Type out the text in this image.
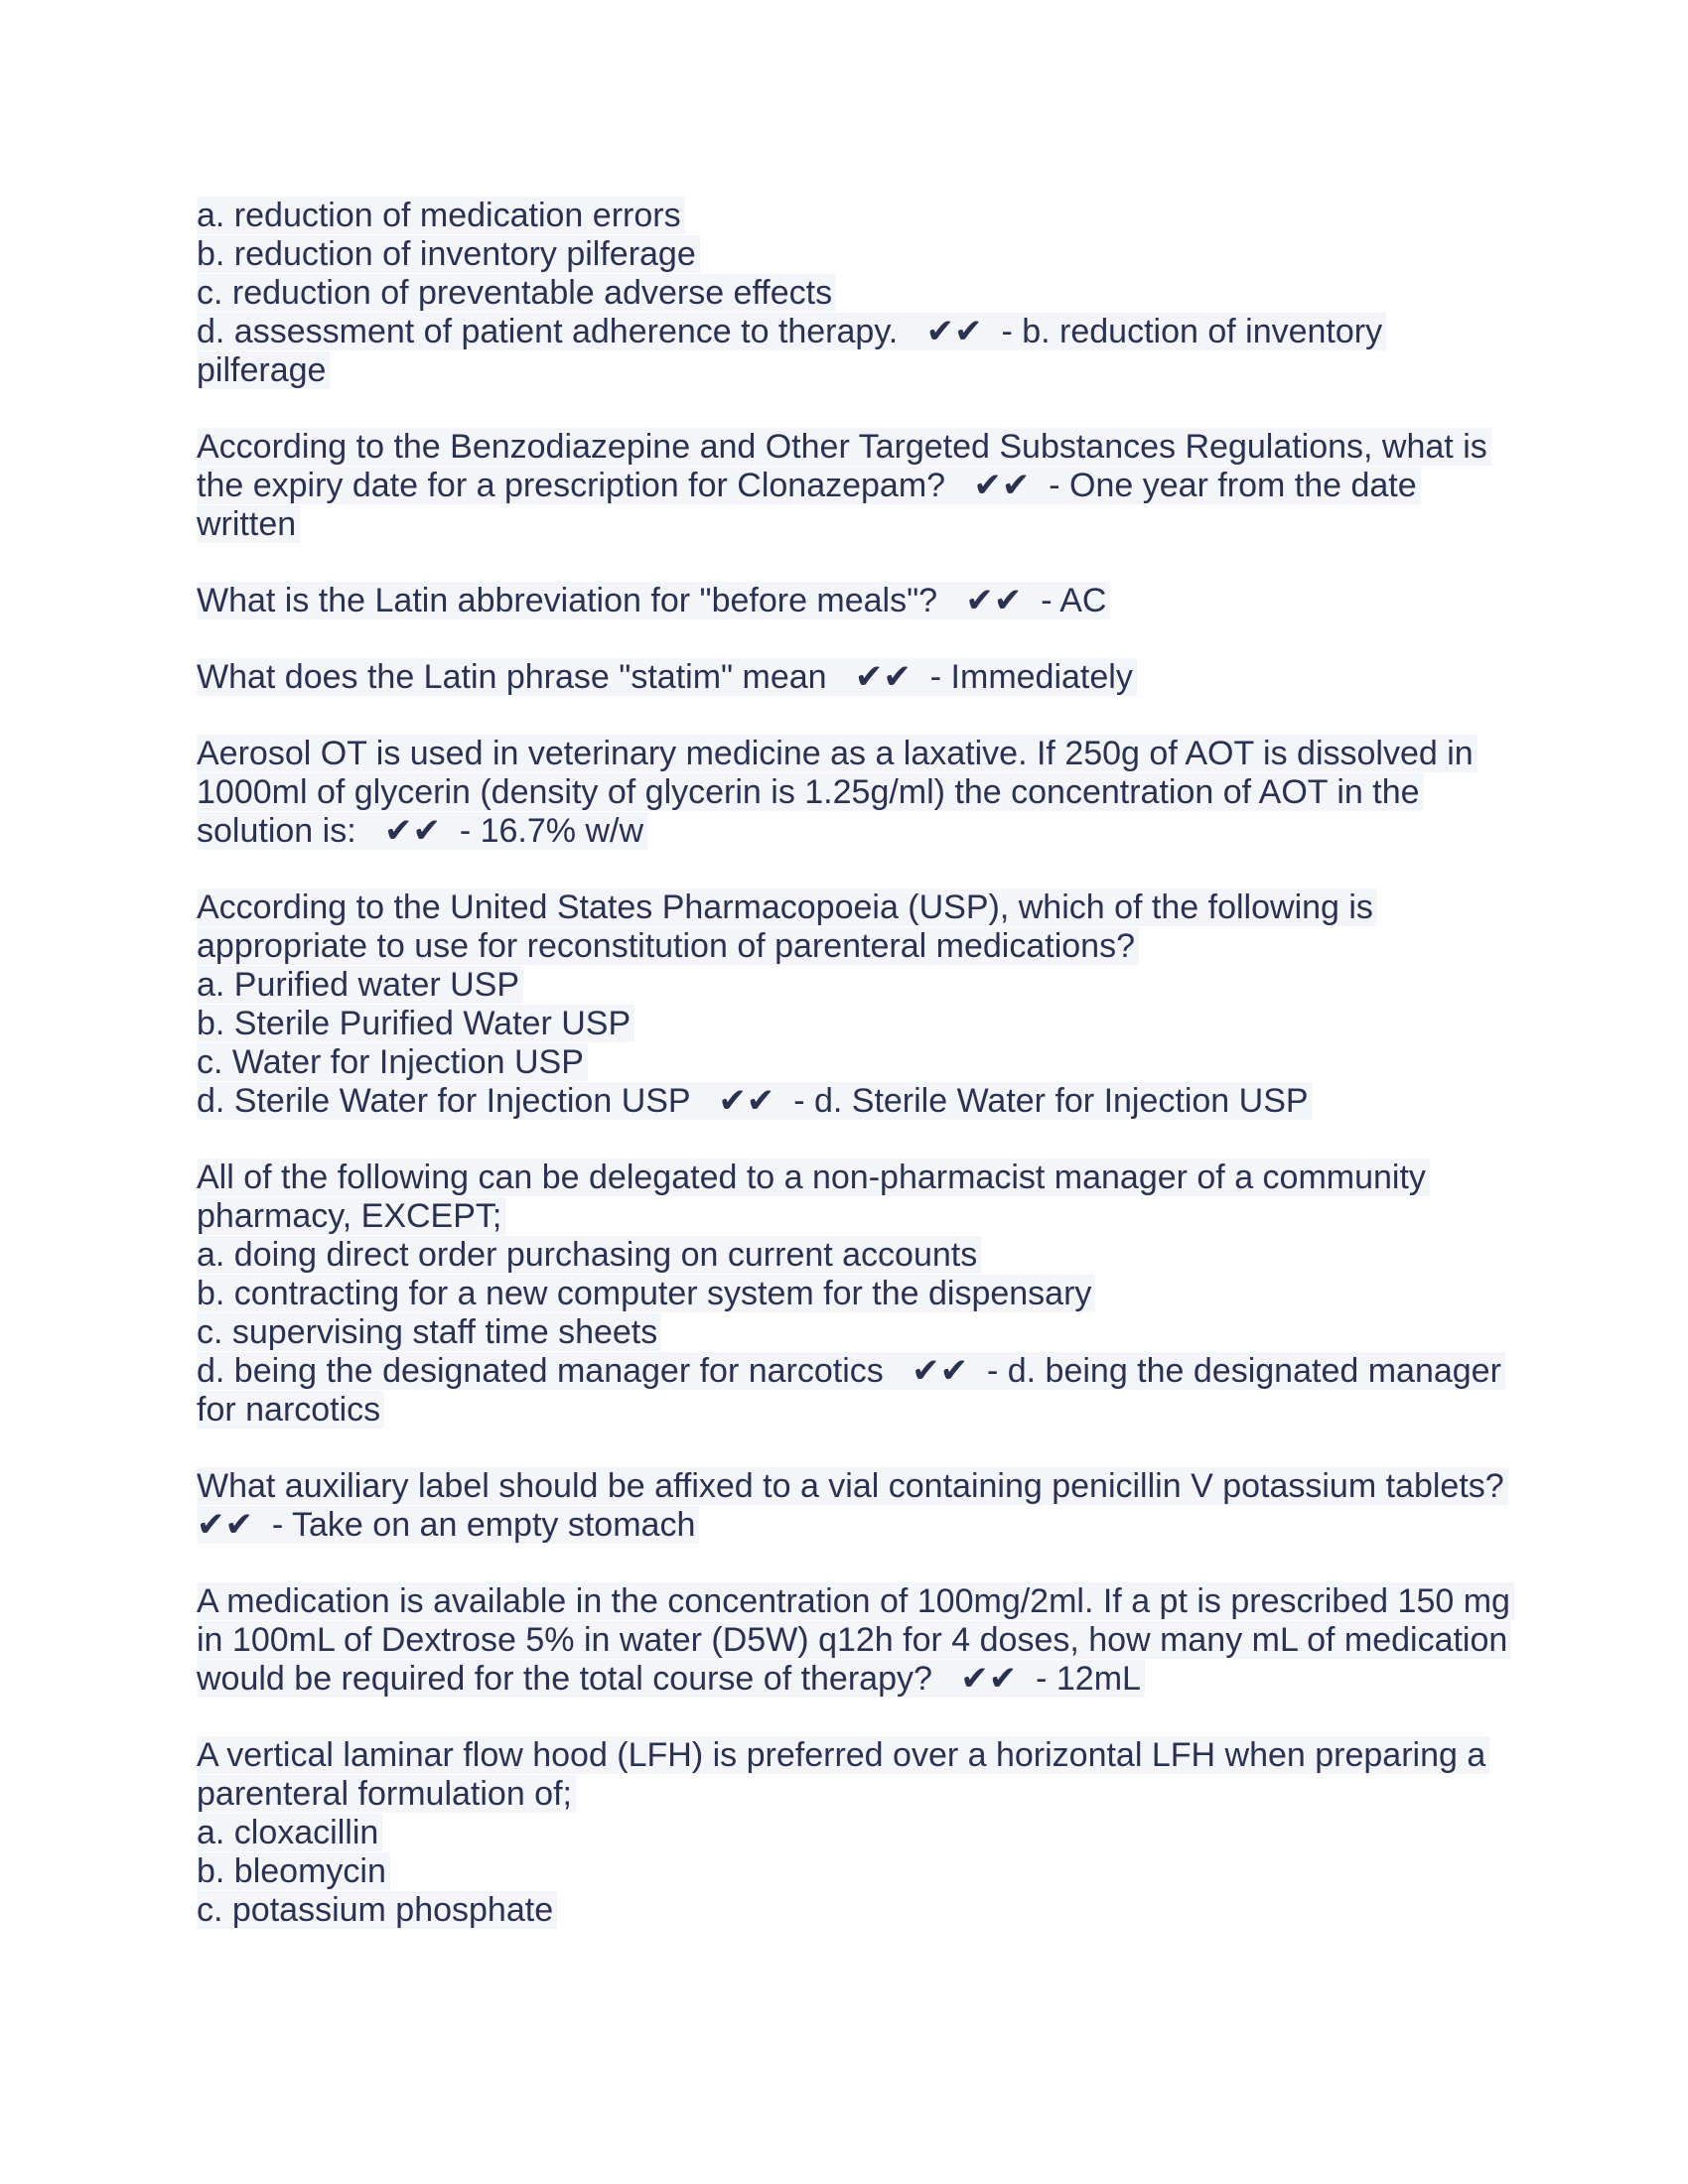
a. reduction of medication errors
b. reduction of inventory pilferage
c. reduction of preventable adverse effects
d. assessment of patient adherence to therapy.   ✔✔  - b. reduction of inventory
pilferage
According to the Benzodiazepine and Other Targeted Substances Regulations, what is
the expiry date for a prescription for Clonazepam?   ✔✔  - One year from the date
written
What is the Latin abbreviation for "before meals"?   ✔✔  - AC
What does the Latin phrase "statim" mean   ✔✔  - Immediately
Aerosol OT is used in veterinary medicine as a laxative. If 250g of AOT is dissolved in
1000ml of glycerin (density of glycerin is 1.25g/ml) the concentration of AOT in the
solution is:   ✔✔  - 16.7% w/w
According to the United States Pharmacopoeia (USP), which of the following is
appropriate to use for reconstitution of parenteral medications?
a. Purified water USP
b. Sterile Purified Water USP
c. Water for Injection USP
d. Sterile Water for Injection USP   ✔✔  - d. Sterile Water for Injection USP
All of the following can be delegated to a non-pharmacist manager of a community
pharmacy, EXCEPT;
a. doing direct order purchasing on current accounts
b. contracting for a new computer system for the dispensary
c. supervising staff time sheets
d. being the designated manager for narcotics   ✔✔  - d. being the designated manager
for narcotics
What auxiliary label should be affixed to a vial containing penicillin V potassium tablets?
✔✔  - Take on an empty stomach
A medication is available in the concentration of 100mg/2ml. If a pt is prescribed 150 mg
in 100mL of Dextrose 5% in water (D5W) q12h for 4 doses, how many mL of medication
would be required for the total course of therapy?   ✔✔  - 12mL
A vertical laminar flow hood (LFH) is preferred over a horizontal LFH when preparing a
parenteral formulation of;
a. cloxacillin
b. bleomycin
c. potassium phosphate
